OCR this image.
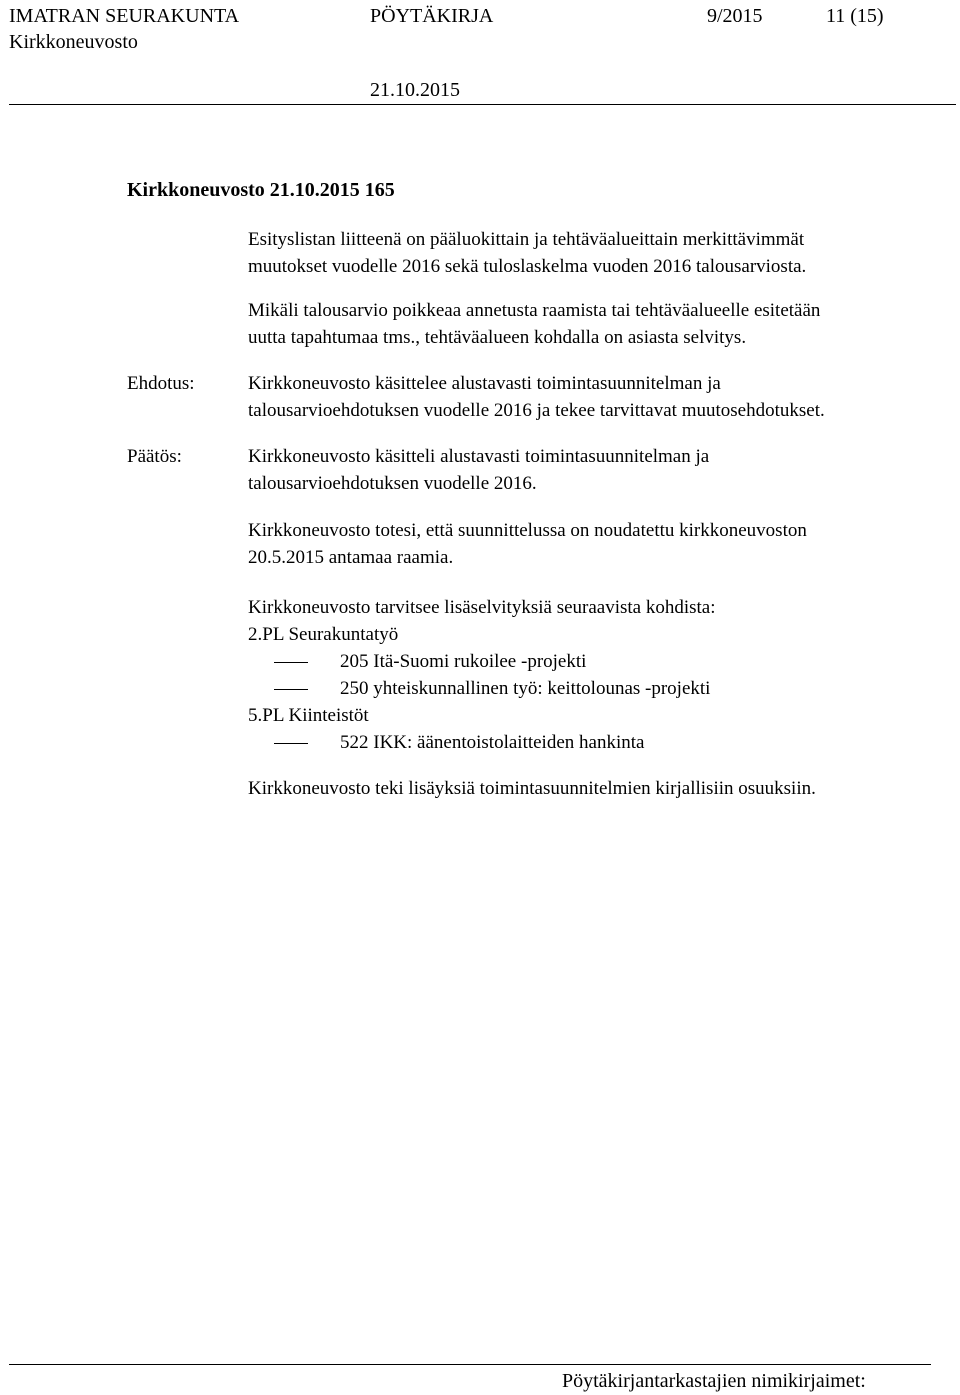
IMATRAN SEURAKUNTA
Kirkkoneuvosto
PÖYTÄKIRJA	9/2015	11 (15)
21.10.2015
Kirkkoneuvosto 21.10.2015 165
Esityslistan liitteenä on pääluokittain ja tehtäväalueittain merkittävimmät
muutokset vuodelle 2016 sekä tuloslaskelma vuoden 2016 talousarviosta.
Mikäli talousarvio poikkeaa annetusta raamista tai tehtäväalueelle esitetään
uutta tapahtumaa tms., tehtäväalueen kohdalla on asiasta selvitys.
Ehdotus:	Kirkkoneuvosto käsittelee alustavasti toimintasuunnitelman ja
talousarvioehdotuksen vuodelle 2016 ja tekee tarvittavat muutosehdotukset.
Päätös:	Kirkkoneuvosto käsitteli alustavasti toimintasuunnitelman ja
talousarvioehdotuksen vuodelle 2016.
Kirkkoneuvosto totesi, että suunnittelussa on noudatettu kirkkoneuvoston
20.5.2015 antamaa raamia.
Kirkkoneuvosto tarvitsee lisäselvityksiä seuraavista kohdista:
2.PL Seurakuntatyö
205 Itä-Suomi rukoilee -projekti
250 yhteiskunnallinen työ: keittolounas -projekti
5.PL Kiinteistöt
522 IKK: äänentoistolaitteiden hankinta
Kirkkoneuvosto teki lisäyksiä toimintasuunnitelmien kirjallisiin osuuksiin.
Pöytäkirjantarkastajien nimikirjaimet:
